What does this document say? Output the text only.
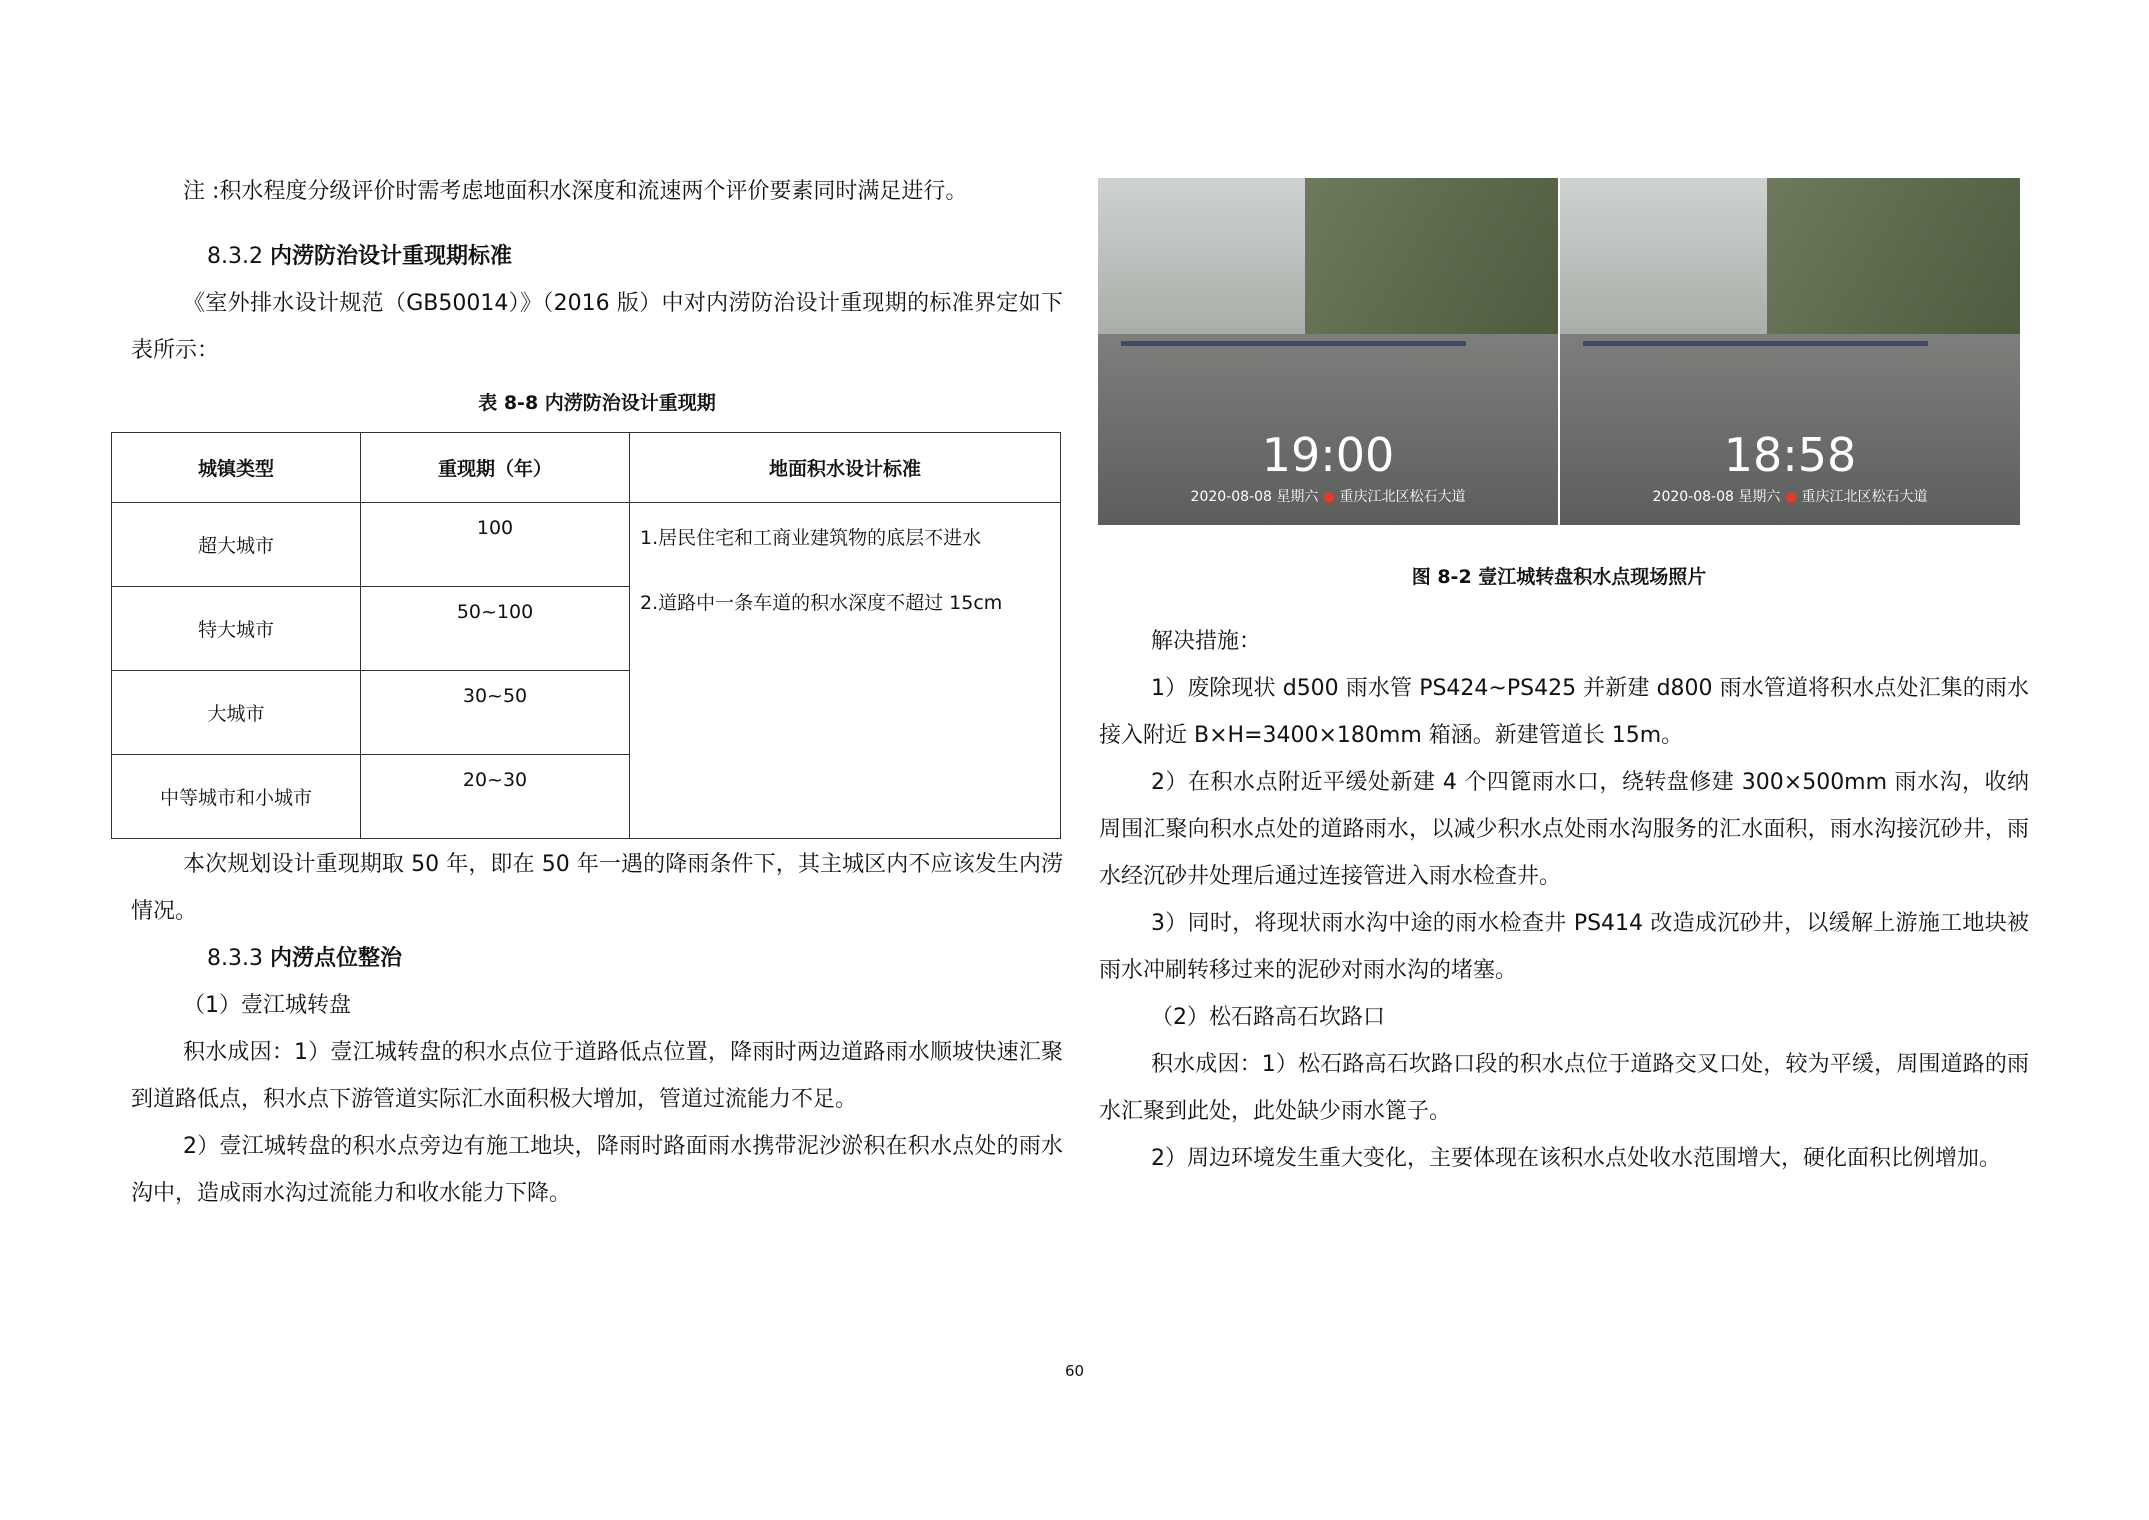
注 :积水程度分级评价时需考虑地面积水深度和流速两个评价要素同时满足进行。

8.3.2 内涝防治设计重现期标准

《室外排水设计规范（GB50014）》（2016 版）中对内涝防治设计重现期的标准界定如下表所示：

表 8-8 内涝防治设计重现期

城镇类型	重现期（年）	地面积水设计标准
超大城市	100	1.居民住宅和工商业建筑物的底层不进水
2.道路中一条车道的积水深度不超过 15cm

特大城市	50~100	
大城市	30~50	
中等城市和小城市	20~30	

本次规划设计重现期取 50 年，即在 50 年一遇的降雨条件下，其主城区内不应该发生内涝情况。

8.3.3 内涝点位整治

（1）壹江城转盘

积水成因：1）壹江城转盘的积水点位于道路低点位置，降雨时两边道路雨水顺坡快速汇聚到道路低点，积水点下游管道实际汇水面积极大增加，管道过流能力不足。

2）壹江城转盘的积水点旁边有施工地块，降雨时路面雨水携带泥沙淤积在积水点处的雨水沟中，造成雨水沟过流能力和收水能力下降。

19:00
2020-08-08 星期六 ● 重庆江北区松石大道
18:58
2020-08-08 星期六 ● 重庆江北区松石大道

图 8-2 壹江城转盘积水点现场照片

解决措施：

1）废除现状 d500 雨水管 PS424~PS425 并新建 d800 雨水管道将积水点处汇集的雨水接入附近 B×H=3400×180mm 箱涵。新建管道长 15m。

2）在积水点附近平缓处新建 4 个四篦雨水口，绕转盘修建 300×500mm 雨水沟，收纳周围汇聚向积水点处的道路雨水，以减少积水点处雨水沟服务的汇水面积，雨水沟接沉砂井，雨水经沉砂井处理后通过连接管进入雨水检查井。

3）同时，将现状雨水沟中途的雨水检查井 PS414 改造成沉砂井，以缓解上游施工地块被雨水冲刷转移过来的泥砂对雨水沟的堵塞。

（2）松石路高石坎路口

积水成因：1）松石路高石坎路口段的积水点位于道路交叉口处，较为平缓，周围道路的雨水汇聚到此处，此处缺少雨水篦子。

2）周边环境发生重大变化，主要体现在该积水点处收水范围增大，硬化面积比例增加。

60
